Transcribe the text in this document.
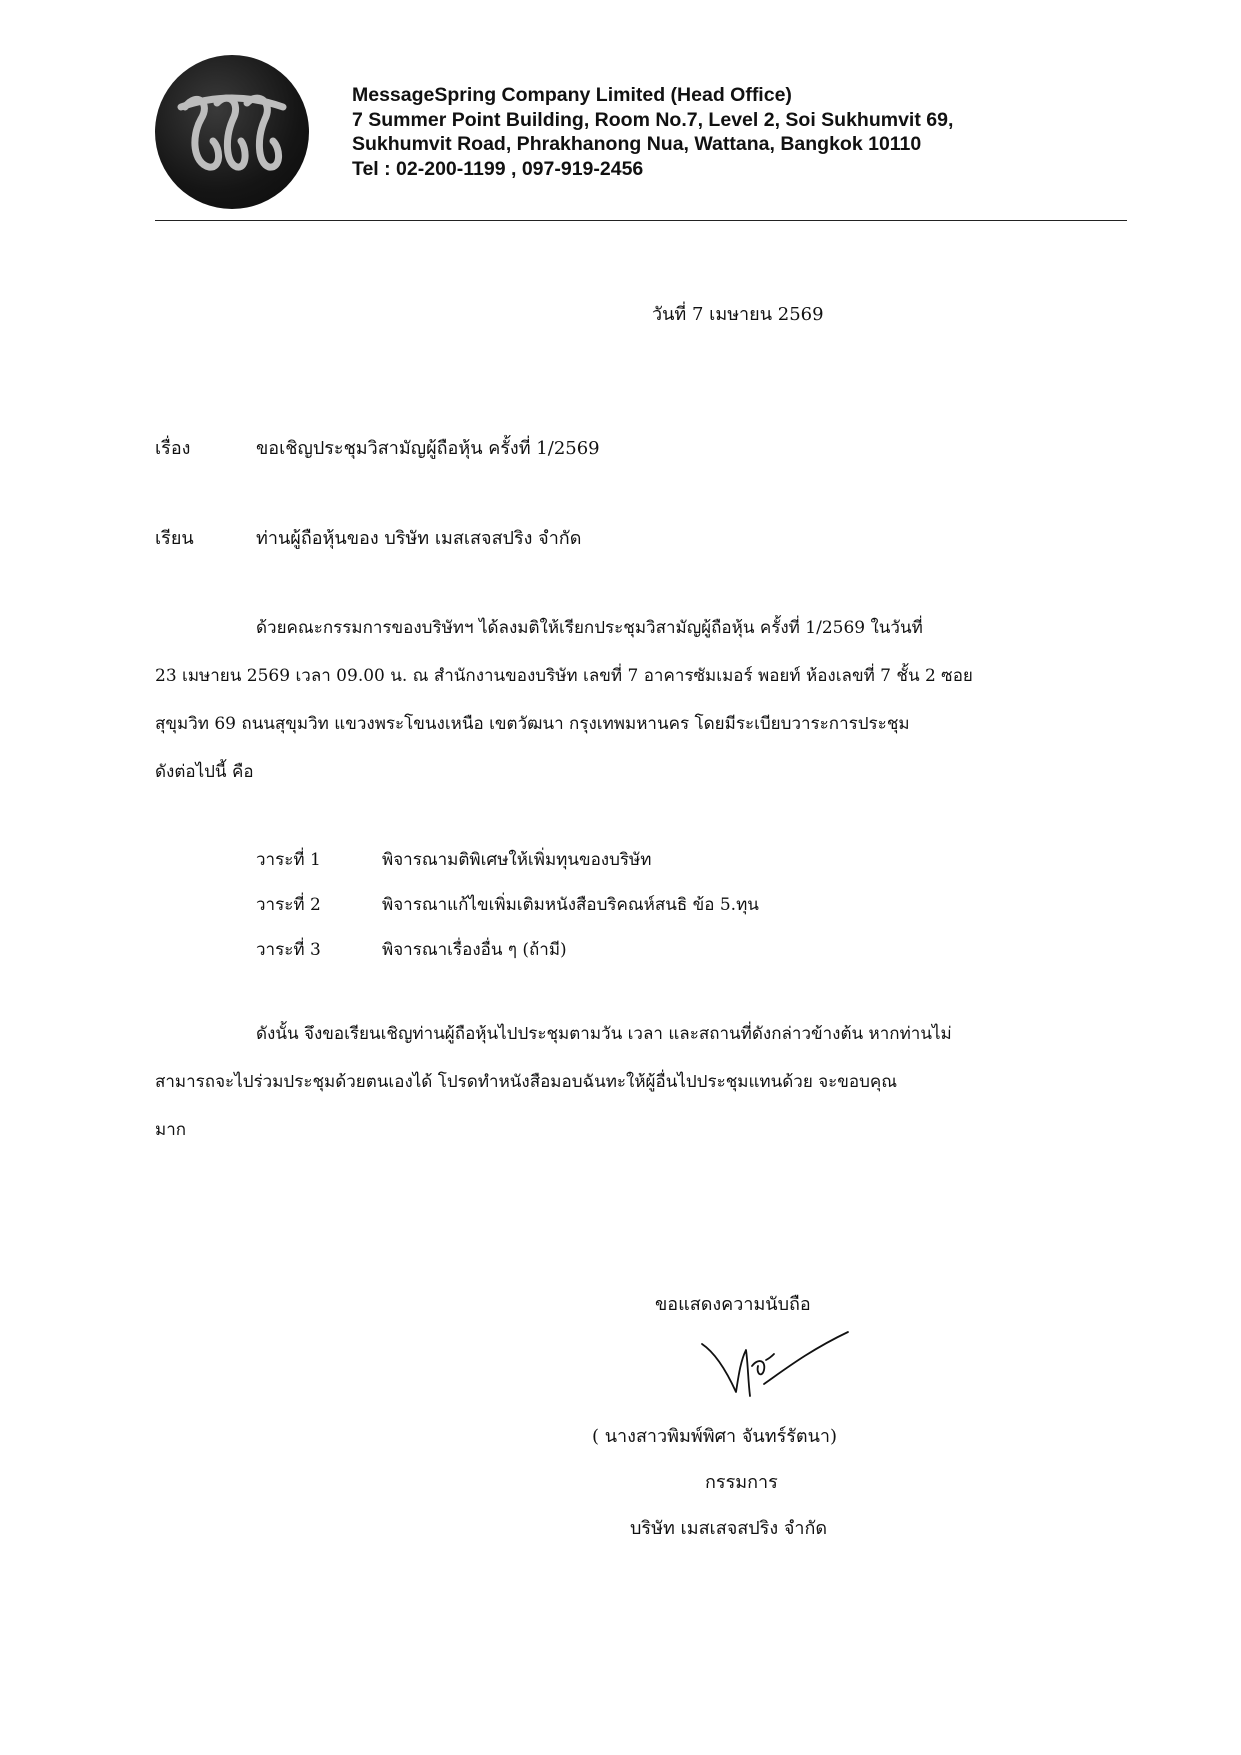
MessageSpring Company Limited (Head Office)
7 Summer Point Building, Room No.7, Level 2, Soi Sukhumvit 69,
Sukhumvit Road, Phrakhanong Nua, Wattana, Bangkok 10110
Tel : 02-200-1199 , 097-919-2456
วันที่ 7 เมษายน 2569
เรื่อง	ขอเชิญประชุมวิสามัญผู้ถือหุ้น ครั้งที่ 1/2569
เรียน	ท่านผู้ถือหุ้นของ บริษัท เมสเสจสปริง จำกัด
ด้วยคณะกรรมการของบริษัทฯ ได้ลงมติให้เรียกประชุมวิสามัญผู้ถือหุ้น ครั้งที่ 1/2569 ในวันที่
23 เมษายน 2569 เวลา 09.00 น. ณ สำนักงานของบริษัท เลขที่ 7 อาคารซัมเมอร์ พอยท์ ห้องเลขที่ 7 ชั้น 2 ซอย
สุขุมวิท 69 ถนนสุขุมวิท แขวงพระโขนงเหนือ เขตวัฒนา กรุงเทพมหานคร โดยมีระเบียบวาระการประชุม
ดังต่อไปนี้ คือ
วาระที่ 1	พิจารณามติพิเศษให้เพิ่มทุนของบริษัท
วาระที่ 2	พิจารณาแก้ไขเพิ่มเติมหนังสือบริคณห์สนธิ ข้อ 5.ทุน
วาระที่ 3	พิจารณาเรื่องอื่น ๆ (ถ้ามี)
ดังนั้น จึงขอเรียนเชิญท่านผู้ถือหุ้นไปประชุมตามวัน เวลา และสถานที่ดังกล่าวข้างต้น หากท่านไม่
สามารถจะไปร่วมประชุมด้วยตนเองได้ โปรดทำหนังสือมอบฉันทะให้ผู้อื่นไปประชุมแทนด้วย จะขอบคุณ
มาก
ขอแสดงความนับถือ
( นางสาวพิมพ์พิศา จันทร์รัตนา)
กรรมการ
บริษัท เมสเสจสปริง จำกัด
